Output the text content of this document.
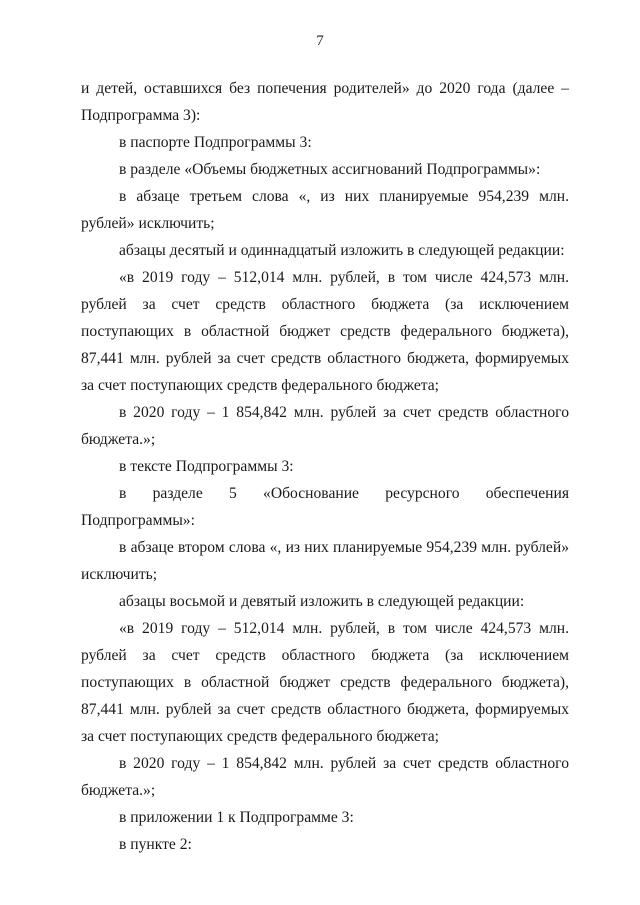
7

и детей, оставшихся без попечения родителей» до 2020 года (далее – Подпрограмма 3):

в паспорте Подпрограммы 3:

в разделе «Объемы бюджетных ассигнований Подпрограммы»:

в абзаце третьем слова «, из них планируемые 954,239 млн. рублей» исключить;

абзацы десятый и одиннадцатый изложить в следующей редакции:

«в 2019 году – 512,014 млн. рублей, в том числе 424,573 млн. рублей за счет средств областного бюджета (за исключением поступающих в областной бюджет средств федерального бюджета), 87,441 млн. рублей за счет средств областного бюджета, формируемых за счет поступающих средств федерального бюджета;

в 2020 году – 1 854,842 млн. рублей за счет средств областного бюджета.»;

в тексте Подпрограммы 3:

в разделе 5 «Обоснование ресурсного обеспечения Подпрограммы»:

в абзаце втором слова «, из них планируемые 954,239 млн. рублей» исключить;

абзацы восьмой и девятый изложить в следующей редакции:

«в 2019 году – 512,014 млн. рублей, в том числе 424,573 млн. рублей за счет средств областного бюджета (за исключением поступающих в областной бюджет средств федерального бюджета), 87,441 млн. рублей за счет средств областного бюджета, формируемых за счет поступающих средств федерального бюджета;

в 2020 году – 1 854,842 млн. рублей за счет средств областного бюджета.»;

в приложении 1 к Подпрограмме 3:

в пункте 2:
